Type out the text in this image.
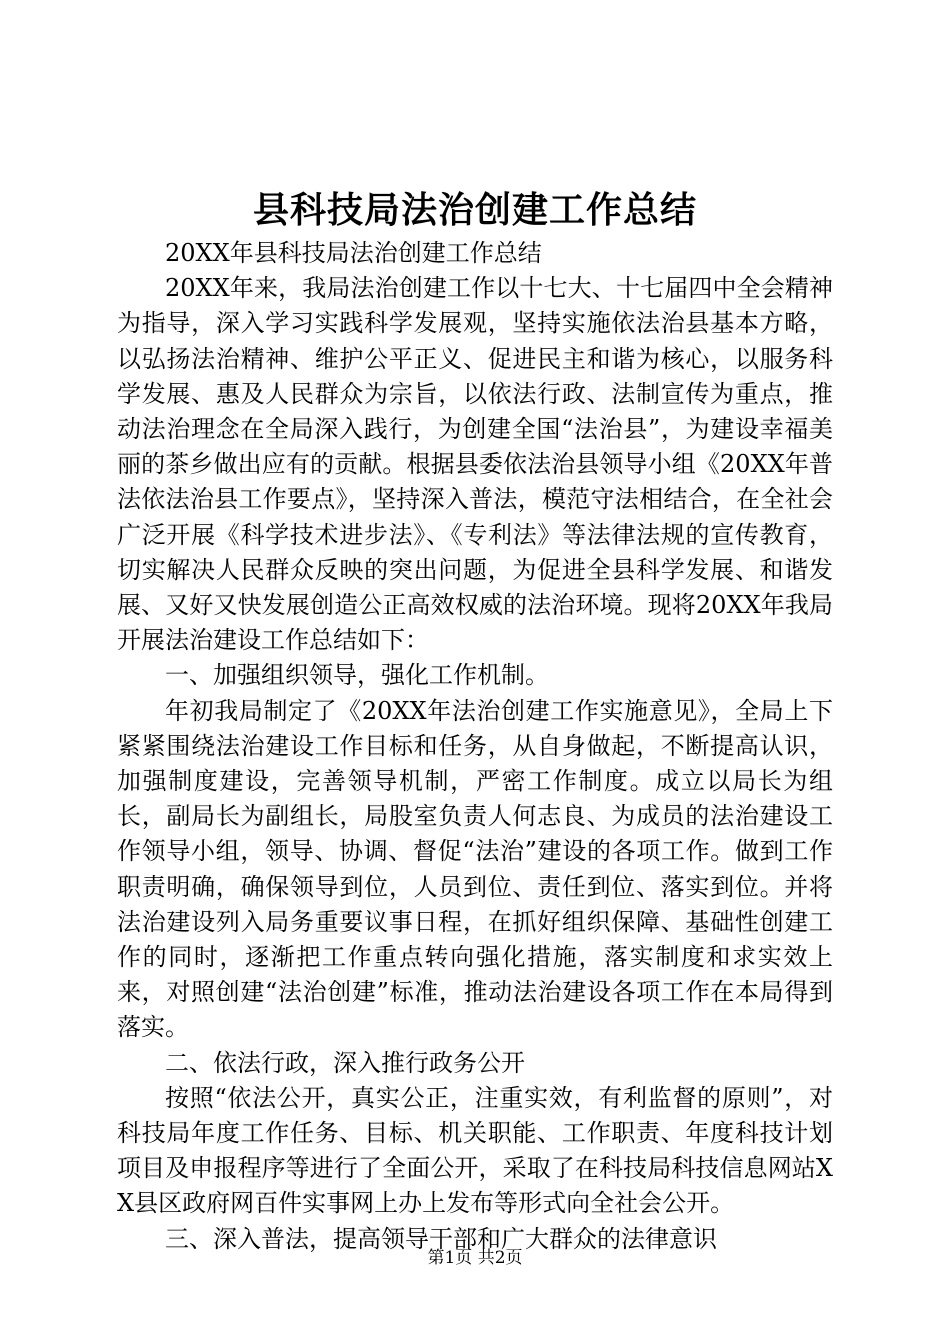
县科技局法治创建工作总结

20XX年县科技局法治创建工作总结

20XX年来，我局法治创建工作以十七大、十七届四中全会精神为指导，深入学习实践科学发展观，坚持实施依法治县基本方略，以弘扬法治精神、维护公平正义、促进民主和谐为核心，以服务科学发展、惠及人民群众为宗旨，以依法行政、法制宣传为重点，推动法治理念在全局深入践行，为创建全国“法治县”，为建设幸福美丽的茶乡做出应有的贡献。根据县委依法治县领导小组《20XX年普法依法治县工作要点》，坚持深入普法，模范守法相结合，在全社会广泛开展《科学技术进步法》、《专利法》等法律法规的宣传教育，切实解决人民群众反映的突出问题，为促进全县科学发展、和谐发展、又好又快发展创造公正高效权威的法治环境。现将20XX年我局开展法治建设工作总结如下：

一、加强组织领导，强化工作机制。

年初我局制定了《20XX年法治创建工作实施意见》，全局上下紧紧围绕法治建设工作目标和任务，从自身做起，不断提高认识，加强制度建设，完善领导机制，严密工作制度。成立以局长为组长，副局长为副组长，局股室负责人何志良、为成员的法治建设工作领导小组，领导、协调、督促“法治”建设的各项工作。做到工作职责明确，确保领导到位，人员到位、责任到位、落实到位。并将法治建设列入局务重要议事日程，在抓好组织保障、基础性创建工作的同时，逐渐把工作重点转向强化措施，落实制度和求实效上来，对照创建“法治创建”标准，推动法治建设各项工作在本局得到落实。

二、依法行政，深入推行政务公开

按照“依法公开，真实公正，注重实效，有利监督的原则”，对科技局年度工作任务、目标、机关职能、工作职责、年度科技计划项目及申报程序等进行了全面公开，采取了在科技局科技信息网站XX县区政府网百件实事网上办上发布等形式向全社会公开。

三、深入普法，提高领导干部和广大群众的法律意识

第1页 共2页
